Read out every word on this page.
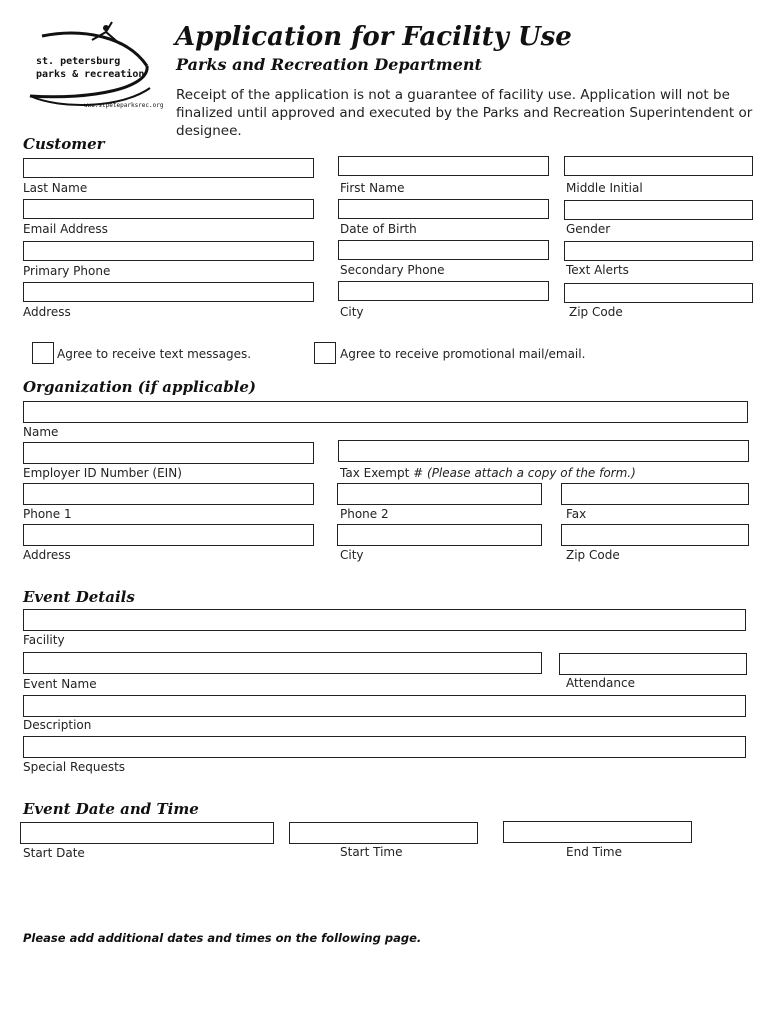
st. petersburg
parks & recreation
www.stpeteparksrec.org
Application for Facility Use
Parks and Recreation Department
Receipt of the application is not a guarantee of facility use. Application will not be finalized until approved and executed by the Parks and Recreation Superintendent or designee.
Customer
Last Name	First Name	Middle Initial
Email Address	Date of Birth	Gender
Primary Phone	Secondary Phone	Text Alerts
Address	City	Zip Code
Agree to receive text messages.	Agree to receive promotional mail/email.
Organization (if applicable)
Name
Employer ID Number (EIN)	Tax Exempt # (Please attach a copy of the form.)
Phone 1	Phone 2	Fax
Address	City	Zip Code
Event Details
Facility
Event Name	Attendance
Description
Special Requests
Event Date and Time
Start Date	Start Time	End Time
Please add additional dates and times on the following page.
